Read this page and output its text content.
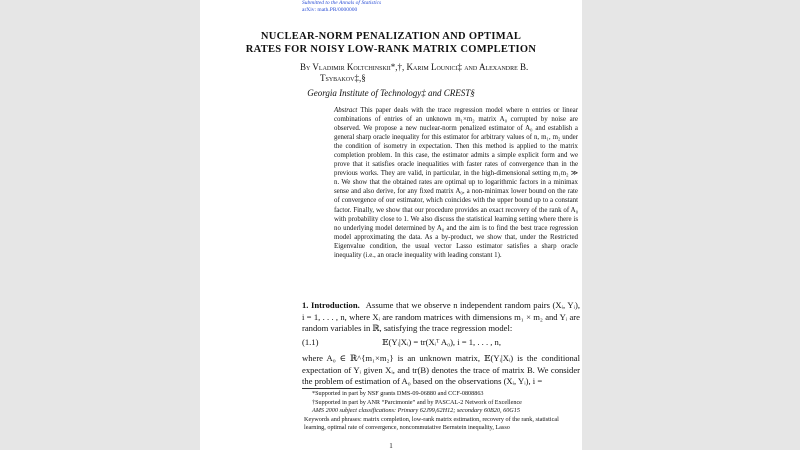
Submitted to the Annals of Statistics
arXiv: math.PR/0000000
NUCLEAR-NORM PENALIZATION AND OPTIMAL
RATES FOR NOISY LOW-RANK MATRIX COMPLETION
By Vladimir Koltchinskii*,†, Karim Lounici‡ and Alexandre B.
Tsybakov‡,§
Georgia Institute of Technology‡ and CREST§
Abstract This paper deals with the trace regression model where n entries or linear combinations of entries of an unknown m₁×m₂ matrix A₀ corrupted by noise are observed. We propose a new nuclear-norm penalized estimator of A₀ and establish a general sharp oracle inequality for this estimator for arbitrary values of n, m₁, m₂ under the condition of isometry in expectation. Then this method is applied to the matrix completion problem. In this case, the estimator admits a simple explicit form and we prove that it satisfies oracle inequalities with faster rates of convergence than in the previous works. They are valid, in particular, in the high-dimensional setting m₁m₂ ≫ n. We show that the obtained rates are optimal up to logarithmic factors in a minimax sense and also derive, for any fixed matrix A₀, a non-minimax lower bound on the rate of convergence of our estimator, which coincides with the upper bound up to a constant factor. Finally, we show that our procedure provides an exact recovery of the rank of A₀ with probability close to 1. We also discuss the statistical learning setting where there is no underlying model determined by A₀ and the aim is to find the best trace regression model approximating the data. As a by-product, we show that, under the Restricted Eigenvalue condition, the usual vector Lasso estimator satisfies a sharp oracle inequality (i.e., an oracle inequality with leading constant 1).
1. Introduction. Assume that we observe n independent random pairs (Xᵢ, Yᵢ), i = 1, . . . , n, where Xᵢ are random matrices with dimensions m₁ × m₂ and Yᵢ are random variables in ℝ, satisfying the trace regression model:
(1.1)	𝔼(Yᵢ|Xᵢ) = tr(Xᵢᵀ A₀), i = 1, . . . , n,
where A₀ ∈ ℝ^{m₁×m₂} is an unknown matrix, 𝔼(Yᵢ|Xᵢ) is the conditional expectation of Yᵢ given Xᵢ, and tr(B) denotes the trace of matrix B. We consider the problem of estimation of A₀ based on the observations (Xᵢ, Yᵢ), i =
*Supported in part by NSF grants DMS-09-06880 and CCF-0808863
†Supported in part by ANR “Parcimonie” and by PASCAL-2 Network of Excellence
AMS 2000 subject classifications: Primary 62J99,62H12; secondary 60B20, 60G15
Keywords and phrases: matrix completion, low-rank matrix estimation, recovery of the rank, statistical learning, optimal rate of convergence, noncommutative Bernstein inequality, Lasso
1
